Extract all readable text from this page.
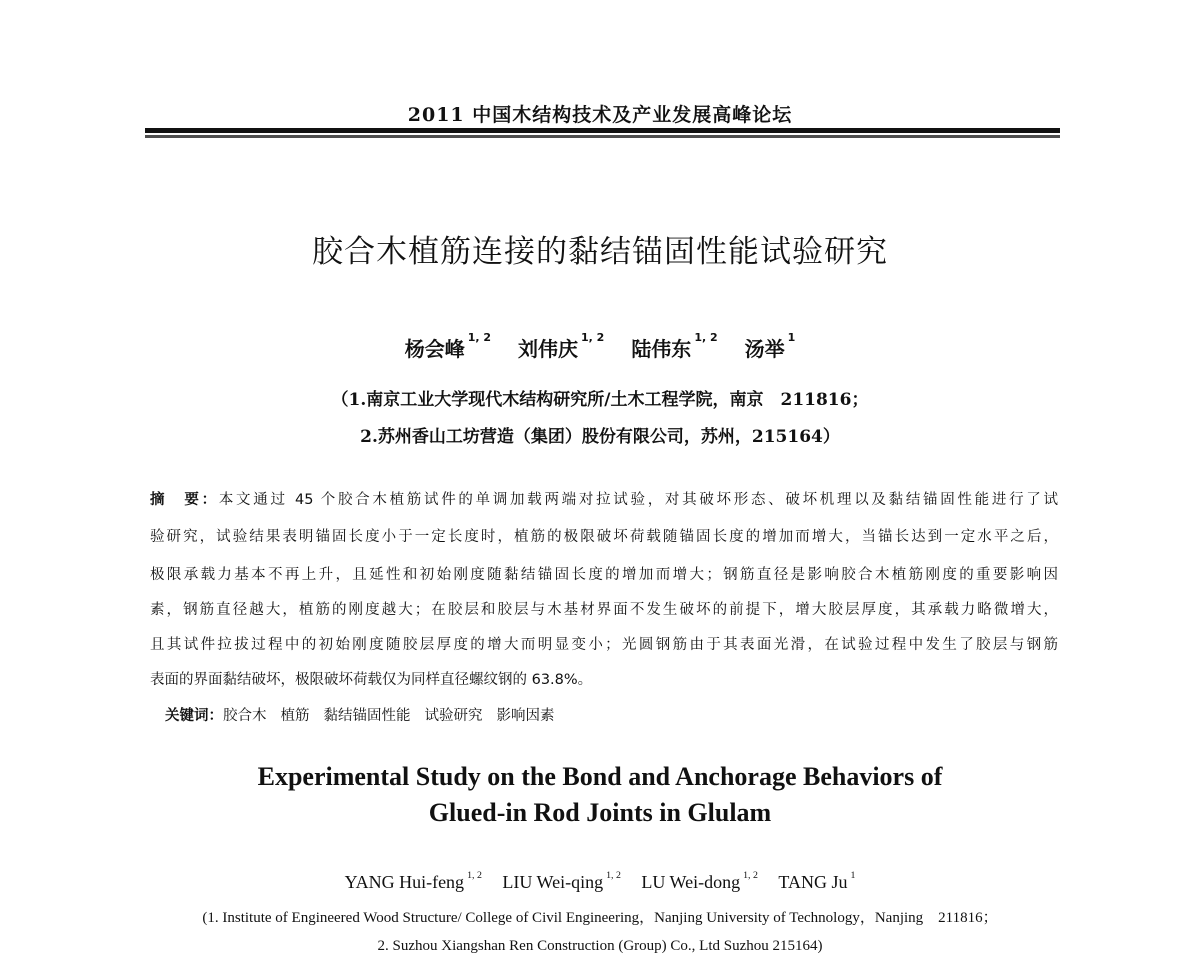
2011 中国木结构技术及产业发展高峰论坛
胶合木植筋连接的黏结锚固性能试验研究
杨会峰 $^{1, 2}$ 刘伟庆 $^{1, 2}$ 陆伟东 $^{1, 2}$ 汤举 $^1$
（1.南京工业大学现代木结构研究所/土木工程学院，南京　211816；
2.苏州香山工坊营造（集团）股份有限公司，苏州，215164）
摘　要：本文通过 45 个胶合木植筋试件的单调加载两端对拉试验，对其破坏形态、破坏机理以及黏结锚固性能进行了试
验研究，试验结果表明锚固长度小于一定长度时，植筋的极限破坏荷载随锚固长度的增加而增大，当锚长达到一定水平之后，
极限承载力基本不再上升，且延性和初始刚度随黏结锚固长度的增加而增大；钢筋直径是影响胶合木植筋刚度的重要影响因
素，钢筋直径越大，植筋的刚度越大；在胶层和胶层与木基材界面不发生破坏的前提下，增大胶层厚度，其承载力略微增大，
且其试件拉拔过程中的初始刚度随胶层厚度的增大而明显变小；光圆钢筋由于其表面光滑，在试验过程中发生了胶层与钢筋
表面的界面黏结破坏，极限破坏荷载仅为同样直径螺纹钢的 63.8%。
关键词：胶合木 植筋 黏结锚固性能 试验研究 影响因素
Experimental Study on the Bond and Anchorage Behaviors of
Glued-in Rod Joints in Glulam
YANG Hui-feng $^{1, 2}$ LIU Wei-qing $^{1, 2}$ LU Wei-dong $^{1, 2}$ TANG Ju $^1$
(1. Institute of Engineered Wood Structure/ College of Civil Engineering，Nanjing University of Technology，Nanjing　211816；
2. Suzhou Xiangshan Ren Construction (Group) Co., Ltd Suzhou 215164)
